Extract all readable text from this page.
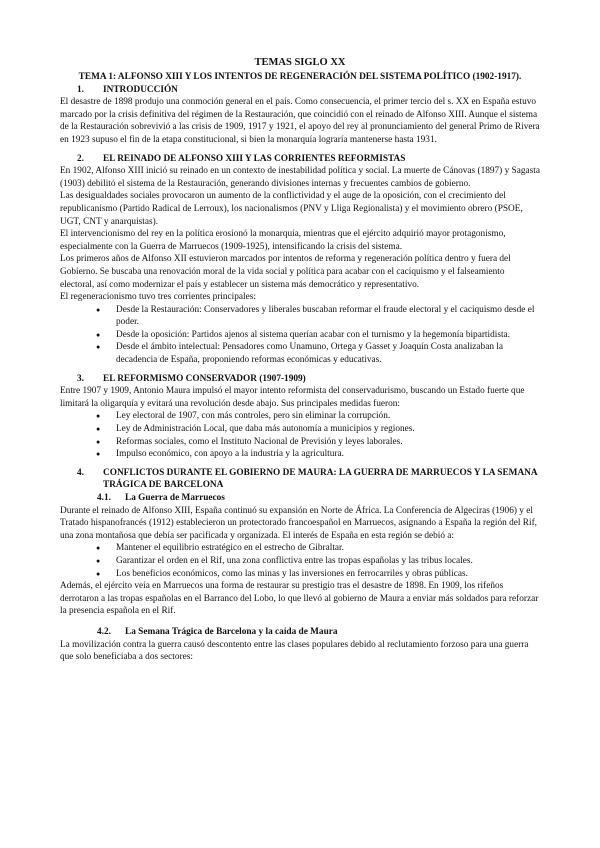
TEMAS SIGLO XX
TEMA 1: ALFONSO XIII Y LOS INTENTOS DE REGENERACIÓN DEL SISTEMA POLÍTICO (1902-1917).
1. INTRODUCCIÓN

El desastre de 1898 produjo una conmoción general en el país. Como consecuencia, el primer tercio del s. XX en España estuvo marcado por la crisis definitiva del régimen de la Restauración, que coincidió con el reinado de Alfonso XIII. Aunque el sistema de la Restauración sobrevivió a las crisis de 1909, 1917 y 1921, el apoyo del rey al pronunciamiento del general Primo de Rivera en 1923 supuso el fin de la etapa constitucional, si bien la monarquía lograría mantenerse hasta 1931.

2. EL REINADO DE ALFONSO XIII Y LAS CORRIENTES REFORMISTAS

En 1902, Alfonso XIII inició su reinado en un contexto de inestabilidad política y social. La muerte de Cánovas (1897) y Sagasta (1903) debilitó el sistema de la Restauración, generando divisiones internas y frecuentes cambios de gobierno.

Las desigualdades sociales provocaron un aumento de la conflictividad y el auge de la oposición, con el crecimiento del republicanismo (Partido Radical de Lerroux), los nacionalismos (PNV y Lliga Regionalista) y el movimiento obrero (PSOE, UGT, CNT y anarquistas).

El intervencionismo del rey en la política erosionó la monarquía, mientras que el ejército adquirió mayor protagonismo, especialmente con la Guerra de Marruecos (1909-1925), intensificando la crisis del sistema.

Los primeros años de Alfonso XII estuvieron marcados por intentos de reforma y regeneración política dentro y fuera del Gobierno. Se buscaba una renovación moral de la vida social y política para acabar con el caciquismo y el falseamiento electoral, así como modernizar el país y establecer un sistema más democrático y representativo.

El regeneracionismo tuvo tres corrientes principales:

● Desde la Restauración: Conservadores y liberales buscaban reformar el fraude electoral y el caciquismo desde el poder.
● Desde la oposición: Partidos ajenos al sistema querían acabar con el turnismo y la hegemonía bipartidista.
● Desde el ámbito intelectual: Pensadores como Unamuno, Ortega y Gasset y Joaquín Costa analizaban la decadencia de España, proponiendo reformas económicas y educativas.
3. EL REFORMISMO CONSERVADOR (1907-1909)

Entre 1907 y 1909, Antonio Maura impulsó el mayor intento reformista del conservadurismo, buscando un Estado fuerte que limitará la oligarquía y evitará una revolución desde abajo. Sus principales medidas fueron:

● Ley electoral de 1907, con más controles, pero sin eliminar la corrupción.
● Ley de Administración Local, que daba más autonomía a municipios y regiones.
● Reformas sociales, como el Instituto Nacional de Previsión y leyes laborales.
● Impulso económico, con apoyo a la industria y la agricultura.
4.	CONFLICTOS DURANTE EL GOBIERNO DE MAURA: LA GUERRA DE MARRUECOS Y LA SEMANA TRÁGICA DE BARCELONA
4.1. La Guerra de Marruecos

Durante el reinado de Alfonso XIII, España continuó su expansión en Norte de África. La Conferencia de Algeciras (1906) y el Tratado hispanofrancés (1912) establecieron un protectorado francoespañol en Marruecos, asignando a España la región del Rif, una zona montañosa que debía ser pacificada y organizada. El interés de España en esta región se debió a:

● Mantener el equilibrio estratégico en el estrecho de Gibraltar.
● Garantizar el orden en el Rif, una zona conflictiva entre las tropas españolas y las tribus locales.
● Los beneficios económicos, como las minas y las inversiones en ferrocarriles y obras públicas.

Además, el ejército veía en Marruecos una forma de restaurar su prestigio tras el desastre de 1898. En 1909, los rifeños derrotaron a las tropas españolas en el Barranco del Lobo, lo que llevó al gobierno de Maura a enviar más soldados para reforzar la presencia española en el Rif.

4.2. La Semana Trágica de Barcelona y la caída de Maura

La movilización contra la guerra causó descontento entre las clases populares debido al reclutamiento forzoso para una guerra que solo beneficiaba a dos sectores:
